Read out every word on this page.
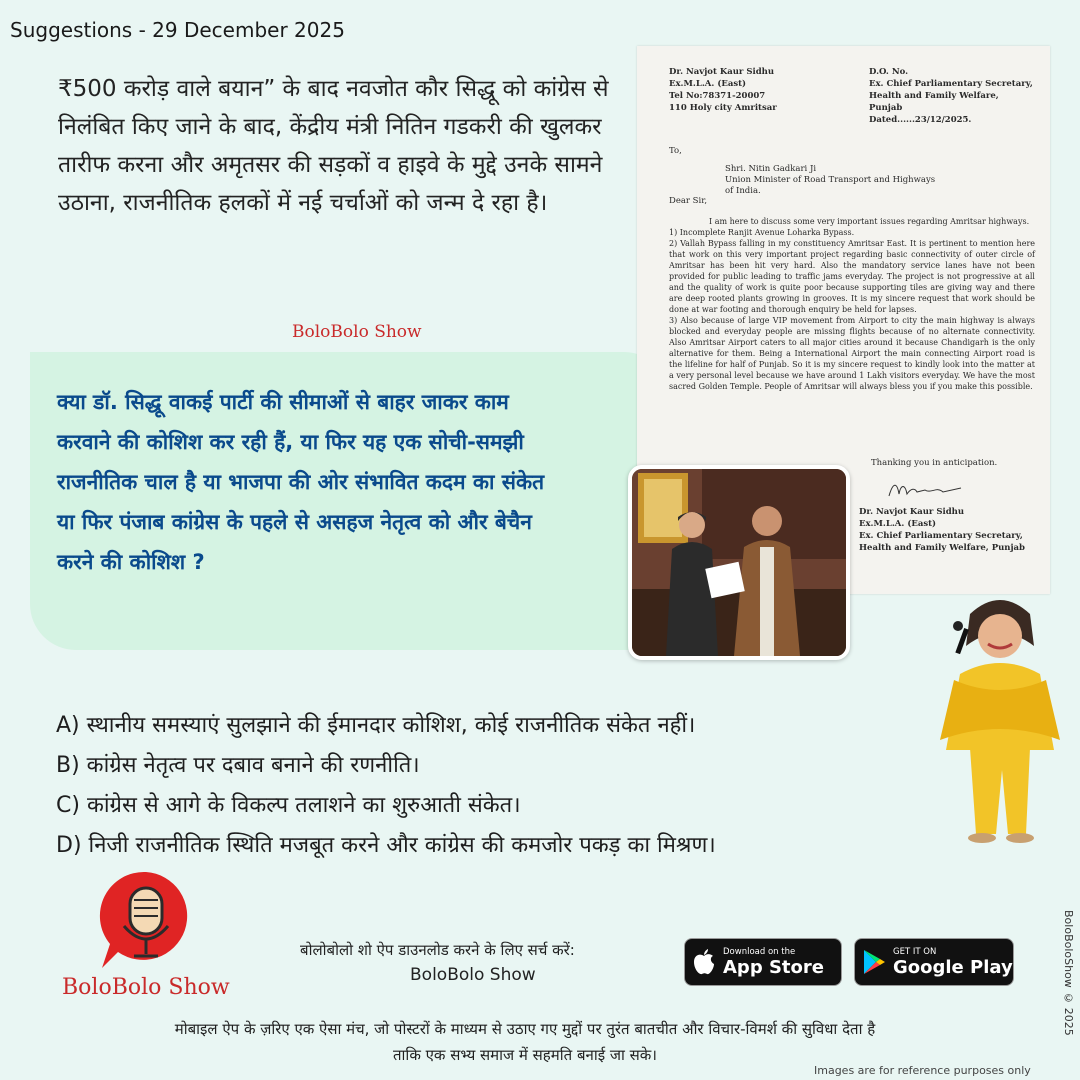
Suggestions - 29 December 2025

₹500 करोड़ वाले बयान” के बाद नवजोत कौर सिद्धू को कांग्रेस से निलंबित किए जाने के बाद, केंद्रीय मंत्री नितिन गडकरी की खुलकर तारीफ करना और अमृतसर की सड़कों व हाइवे के मुद्दे उनके सामने उठाना, राजनीतिक हलकों में नई चर्चाओं को जन्म दे रहा है।

BoloBolo Show

क्या डॉ. सिद्धू वाकई पार्टी की सीमाओं से बाहर जाकर काम करवाने की कोशिश कर रही हैं, या फिर यह एक सोची-समझी राजनीतिक चाल है या भाजपा की ओर संभावित कदम का संकेत या फिर पंजाब कांग्रेस के पहले से असहज नेतृत्व को और बेचैन करने की कोशिश ?

Dr. Navjot Kaur Sidhu
Ex.M.L.A. (East)
Tel No:78371-20007
110 Holy city Amritsar
D.O. No.
Ex. Chief Parliamentary Secretary,
Health and Family Welfare,
Punjab
Dated......23/12/2025.
To,
Shri. Nitin Gadkari Ji
Union Minister of Road Transport and Highways
of India.
Dear Sir,

I am here to discuss some very important issues regarding Amritsar highways.

1) Incomplete Ranjit Avenue Loharka Bypass.

2) Vallah Bypass falling in my constituency Amritsar East. It is pertinent to mention here that work on this very important project regarding basic connectivity of outer circle of Amritsar has been hit very hard. Also the mandatory service lanes have not been provided for public leading to traffic jams everyday. The project is not progressive at all and the quality of work is quite poor because supporting tiles are giving way and there are deep rooted plants growing in grooves. It is my sincere request that work should be done at war footing and thorough enquiry be held for lapses.

3) Also because of large VIP movement from Airport to city the main highway is always blocked and everyday people are missing flights because of no alternate connectivity. Also Amritsar Airport caters to all major cities around it because Chandigarh is the only alternative for them. Being a International Airport the main connecting Airport road is the lifeline for half of Punjab. So it is my sincere request to kindly look into the matter at a very personal level because we have around 1 Lakh visitors everyday. We have the most sacred Golden Temple. People of Amritsar will always bless you if you make this possible.

Thanking you in anticipation.
Dr. Navjot Kaur Sidhu
Ex.M.L.A. (East)
Ex. Chief Parliamentary Secretary,
Health and Family Welfare, Punjab
A) स्थानीय समस्याएं सुलझाने की ईमानदार कोशिश, कोई राजनीतिक संकेत नहीं।
B) कांग्रेस नेतृत्व पर दबाव बनाने की रणनीति।
C) कांग्रेस से आगे के विकल्प तलाशने का शुरुआती संकेत।
D) निजी राजनीतिक स्थिति मजबूत करने और कांग्रेस की कमजोर पकड़ का मिश्रण।
BoloBolo Show
बोलोबोलो शो ऐप डाउनलोड करने के लिए सर्च करें:
BoloBolo Show
Download on the
App Store
GET IT ON
Google Play
मोबाइल ऐप के ज़रिए एक ऐसा मंच, जो पोस्टरों के माध्यम से उठाए गए मुद्दों पर तुरंत बातचीत और विचार-विमर्श की सुविधा देता है
ताकि एक सभ्य समाज में सहमति बनाई जा सके।
Images are for reference purposes only
BoloBoloShow © 2025
